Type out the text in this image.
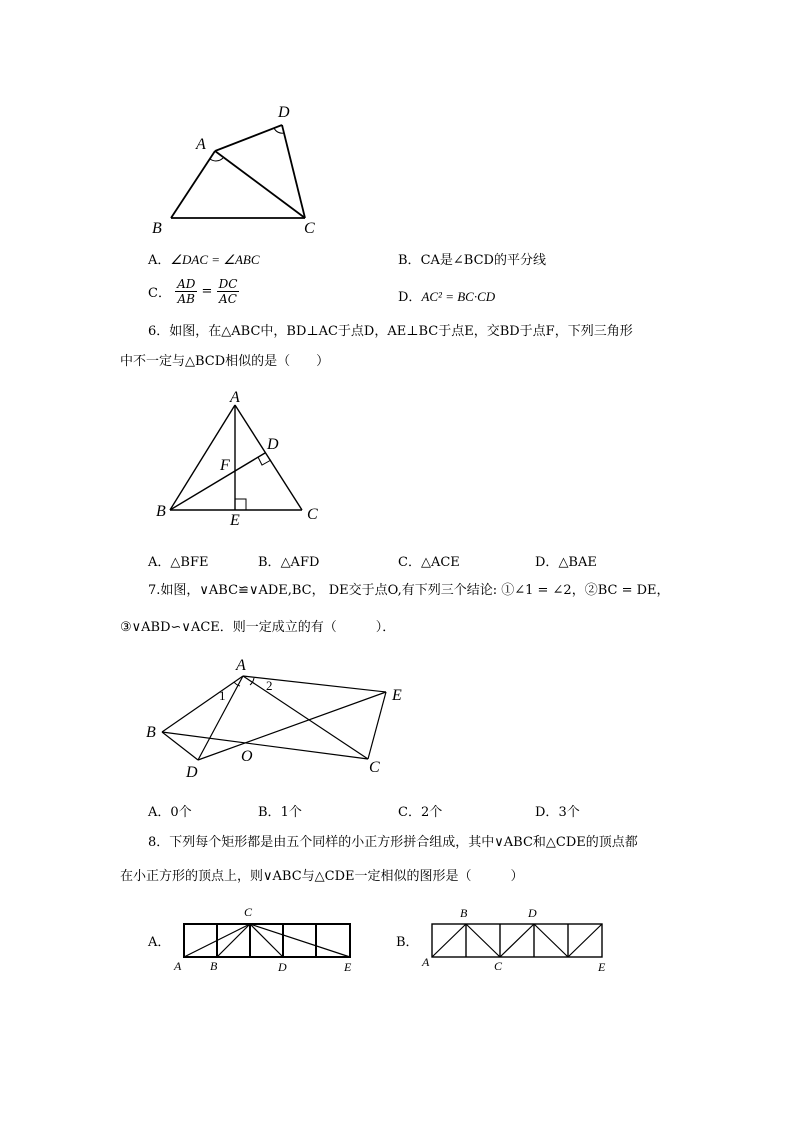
A
B	C
D
A．∠DAC = ∠ABC	B．CA是∠BCD的平分线
C． $\frac{AD}{AB} = \frac{DC}{AC}$	D．AC² = BC·CD
6．如图，在△ABC中，BD⊥AC于点D，AE⊥BC于点E，交BD于点F，下列三角形
中不一定与△BCD相似的是（　　）
A
B	C
D
E
F
A．△BFE	B．△AFD	C．△ACE	D．△BAE
7.如图，∨ABC≌∨ADE,BC， DE交于点O,有下列三个结论: ①∠1 = ∠2，②BC = DE，
③∨ABD∽∨ACE．则一定成立的有（　　　）．
A
B
C
D
E
O
1
2
A．0个	B．1个	C．2个	D．3个
8．下列每个矩形都是由五个同样的小正方形拼合组成，其中∨ABC和△CDE的顶点都
在小正方形的顶点上，则∨ABC与△CDE一定相似的图形是（　　　）
A．
A B
C
D	E
B．
A
B
C
D
E
